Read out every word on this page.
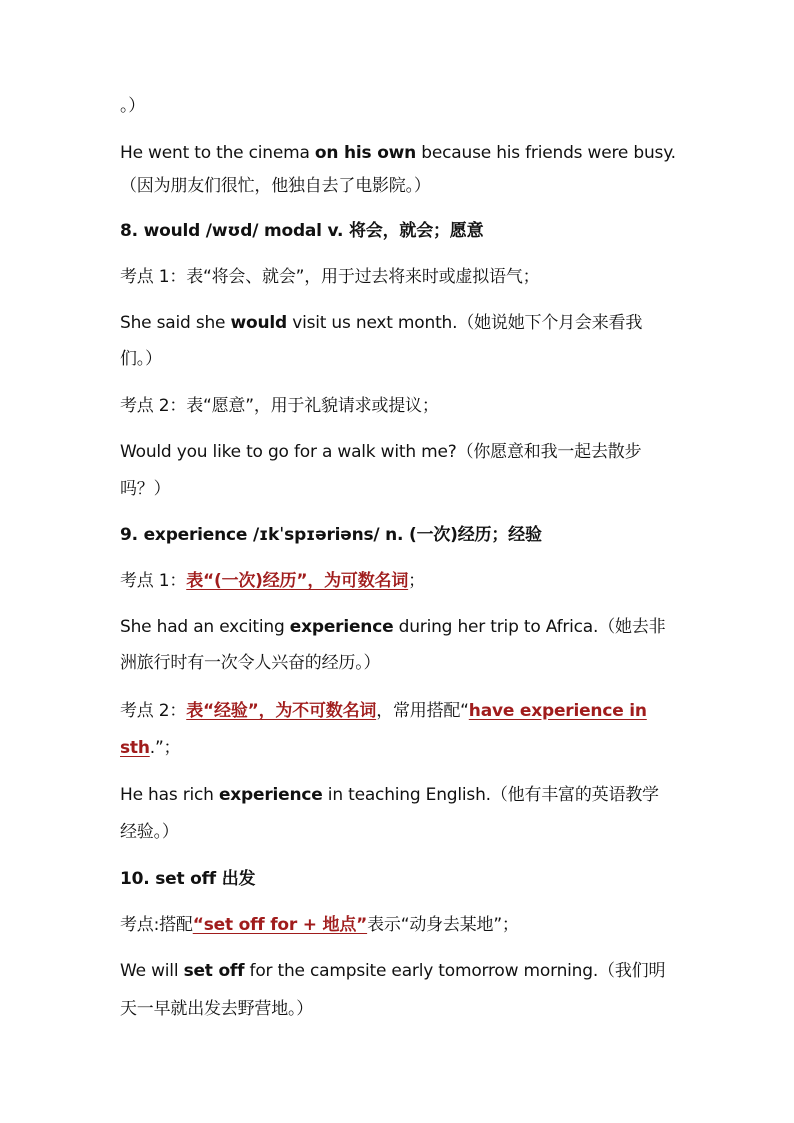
。）
He went to the cinema on his own because his friends were busy.
（因为朋友们很忙，他独自去了电影院。）
8. would /wʊd/ modal v. 将会，就会；愿意
考点 1：表“将会、就会”，用于过去将来时或虚拟语气；
She said she would visit us next month.（她说她下个月会来看我
们。）
考点 2：表“愿意”，用于礼貌请求或提议；
Would you like to go for a walk with me?（你愿意和我一起去散步
吗？）
9. experience /ɪkˈspɪəriəns/ n. (一次)经历；经验
考点 1：表“(一次)经历”，为可数名词；
She had an exciting experience during her trip to Africa.（她去非
洲旅行时有一次令人兴奋的经历。）
考点 2：表“经验”，为不可数名词，常用搭配“have experience in
sth.”；
He has rich experience in teaching English.（他有丰富的英语教学
经验。）
10. set off 出发
考点:搭配“set off for + 地点”表示“动身去某地”；
We will set off for the campsite early tomorrow morning.（我们明
天一早就出发去野营地。）
